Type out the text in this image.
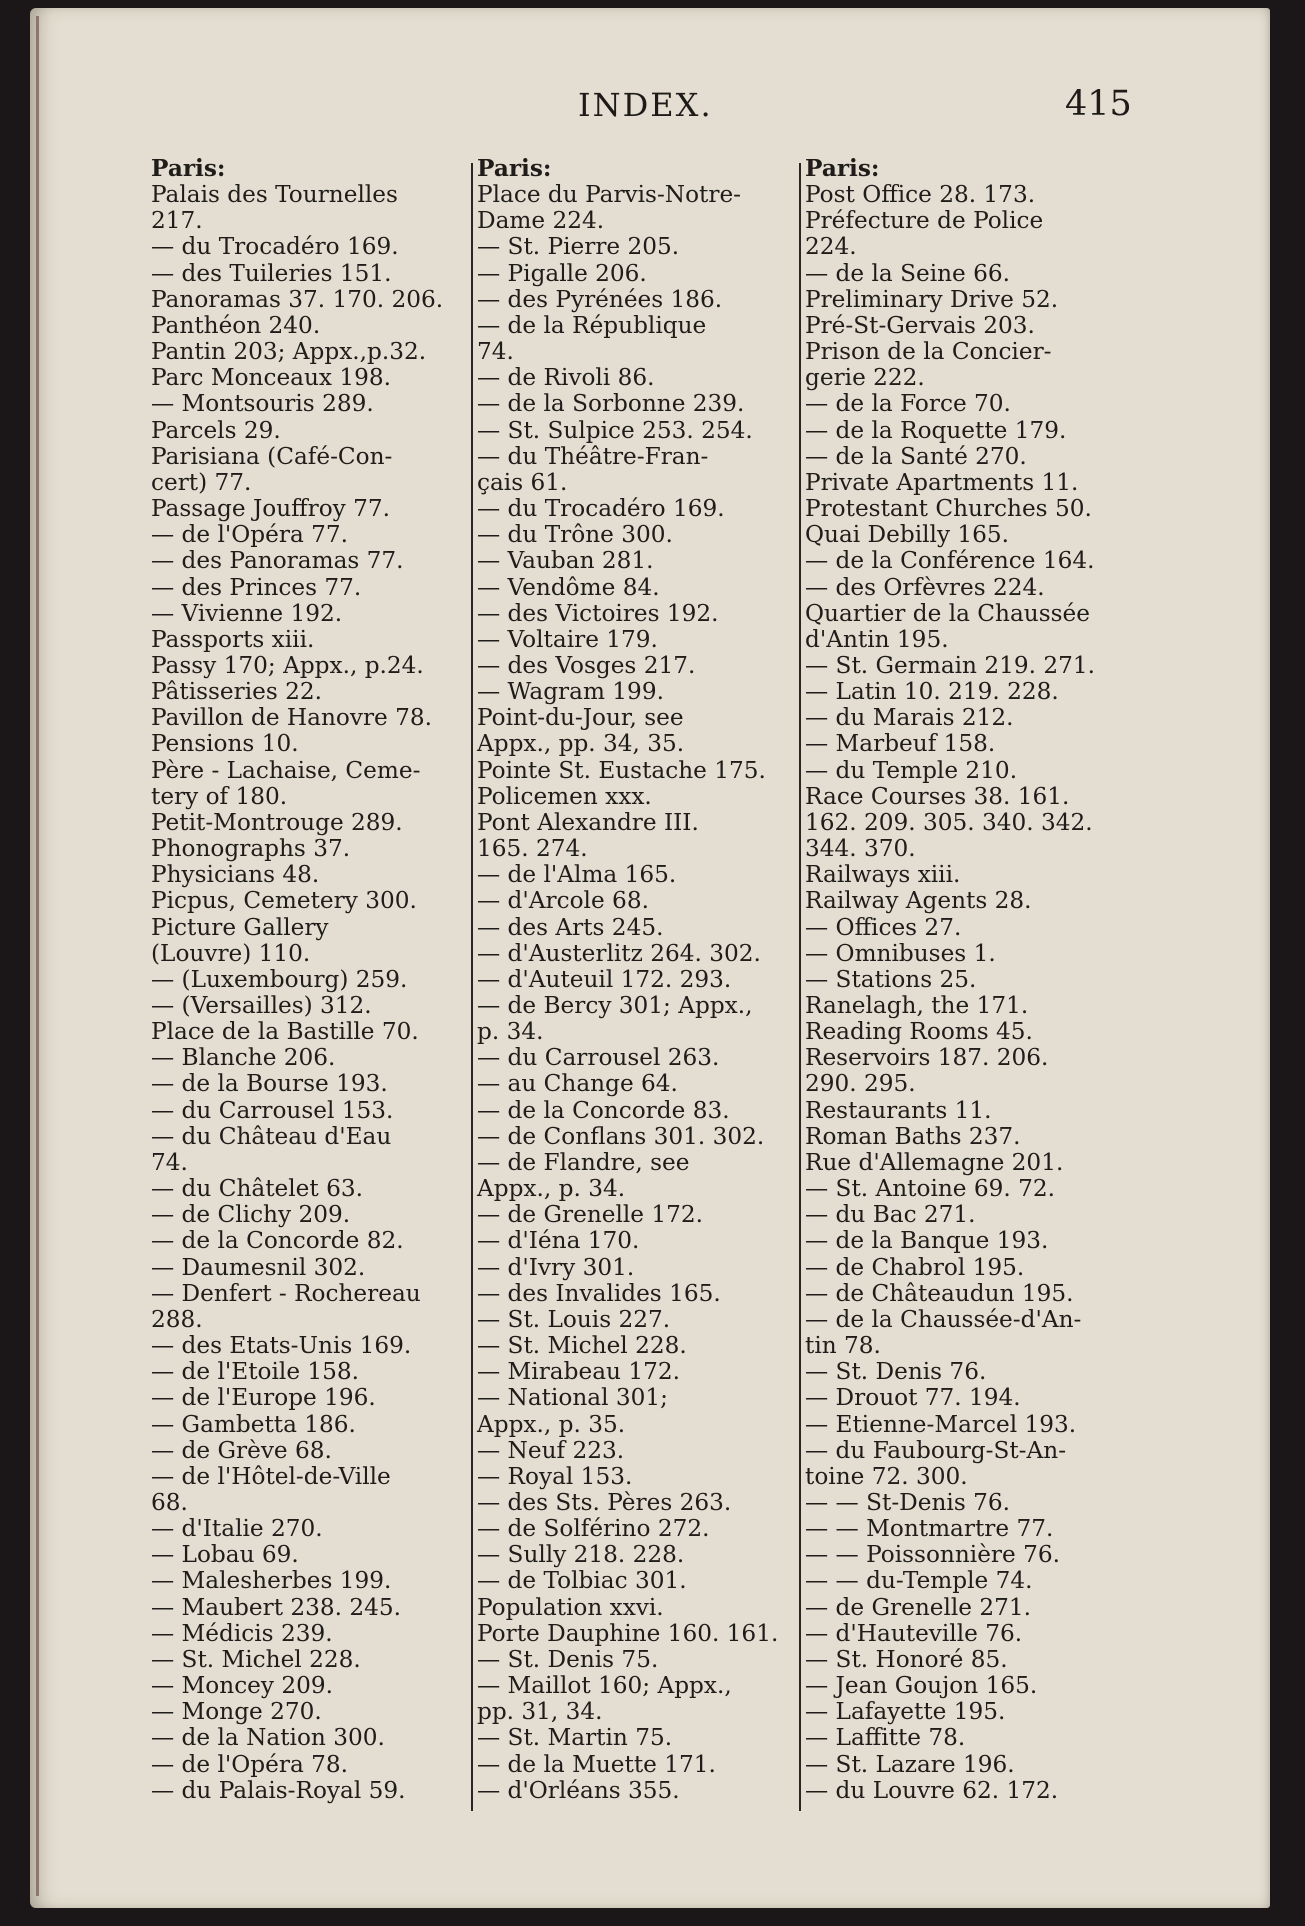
INDEX.	415
Paris:
Palais des Tournelles
217.
— du Trocadéro 169.
— des Tuileries 151.
Panoramas 37. 170. 206.
Panthéon 240.
Pantin 203; Appx.,p.32.
Parc Monceaux 198.
— Montsouris 289.
Parcels 29.
Parisiana (Café-Con-
cert) 77.
Passage Jouffroy 77.
— de l'Opéra 77.
— des Panoramas 77.
— des Princes 77.
— Vivienne 192.
Passports xiii.
Passy 170; Appx., p.24.
Pâtisseries 22.
Pavillon de Hanovre 78.
Pensions 10.
Père - Lachaise, Ceme-
tery of 180.
Petit-Montrouge 289.
Phonographs 37.
Physicians 48.
Picpus, Cemetery 300.
Picture Gallery
(Louvre) 110.
— (Luxembourg) 259.
— (Versailles) 312.
Place de la Bastille 70.
— Blanche 206.
— de la Bourse 193.
— du Carrousel 153.
— du Château d'Eau
74.
— du Châtelet 63.
— de Clichy 209.
— de la Concorde 82.
— Daumesnil 302.
— Denfert - Rochereau
288.
— des Etats-Unis 169.
— de l'Etoile 158.
— de l'Europe 196.
— Gambetta 186.
— de Grève 68.
— de l'Hôtel-de-Ville
68.
— d'Italie 270.
— Lobau 69.
— Malesherbes 199.
— Maubert 238. 245.
— Médicis 239.
— St. Michel 228.
— Moncey 209.
— Monge 270.
— de la Nation 300.
— de l'Opéra 78.
— du Palais-Royal 59.
Paris:
Place du Parvis-Notre-
Dame 224.
— St. Pierre 205.
— Pigalle 206.
— des Pyrénées 186.
— de la République
74.
— de Rivoli 86.
— de la Sorbonne 239.
— St. Sulpice 253. 254.
— du Théâtre-Fran-
çais 61.
— du Trocadéro 169.
— du Trône 300.
— Vauban 281.
— Vendôme 84.
— des Victoires 192.
— Voltaire 179.
— des Vosges 217.
— Wagram 199.
Point-du-Jour, see
Appx., pp. 34, 35.
Pointe St. Eustache 175.
Policemen xxx.
Pont Alexandre III.
165. 274.
— de l'Alma 165.
— d'Arcole 68.
— des Arts 245.
— d'Austerlitz 264. 302.
— d'Auteuil 172. 293.
— de Bercy 301; Appx.,
p. 34.
— du Carrousel 263.
— au Change 64.
— de la Concorde 83.
— de Conflans 301. 302.
— de Flandre, see
Appx., p. 34.
— de Grenelle 172.
— d'Iéna 170.
— d'Ivry 301.
— des Invalides 165.
— St. Louis 227.
— St. Michel 228.
— Mirabeau 172.
— National 301;
Appx., p. 35.
— Neuf 223.
— Royal 153.
— des Sts. Pères 263.
— de Solférino 272.
— Sully 218. 228.
— de Tolbiac 301.
Population xxvi.
Porte Dauphine 160. 161.
— St. Denis 75.
— Maillot 160; Appx.,
pp. 31, 34.
— St. Martin 75.
— de la Muette 171.
— d'Orléans 355.
Paris:
Post Office 28. 173.
Préfecture de Police
224.
— de la Seine 66.
Preliminary Drive 52.
Pré-St-Gervais 203.
Prison de la Concier-
gerie 222.
— de la Force 70.
— de la Roquette 179.
— de la Santé 270.
Private Apartments 11.
Protestant Churches 50.
Quai Debilly 165.
— de la Conférence 164.
— des Orfèvres 224.
Quartier de la Chaussée
d'Antin 195.
— St. Germain 219. 271.
— Latin 10. 219. 228.
— du Marais 212.
— Marbeuf 158.
— du Temple 210.
Race Courses 38. 161.
162. 209. 305. 340. 342.
344. 370.
Railways xiii.
Railway Agents 28.
— Offices 27.
— Omnibuses 1.
— Stations 25.
Ranelagh, the 171.
Reading Rooms 45.
Reservoirs 187. 206.
290. 295.
Restaurants 11.
Roman Baths 237.
Rue d'Allemagne 201.
— St. Antoine 69. 72.
— du Bac 271.
— de la Banque 193.
— de Chabrol 195.
— de Châteaudun 195.
— de la Chaussée-d'An-
tin 78.
— St. Denis 76.
— Drouot 77. 194.
— Etienne-Marcel 193.
— du Faubourg-St-An-
toine 72. 300.
— — St-Denis 76.
— — Montmartre 77.
— — Poissonnière 76.
— — du-Temple 74.
— de Grenelle 271.
— d'Hauteville 76.
— St. Honoré 85.
— Jean Goujon 165.
— Lafayette 195.
— Laffitte 78.
— St. Lazare 196.
— du Louvre 62. 172.
